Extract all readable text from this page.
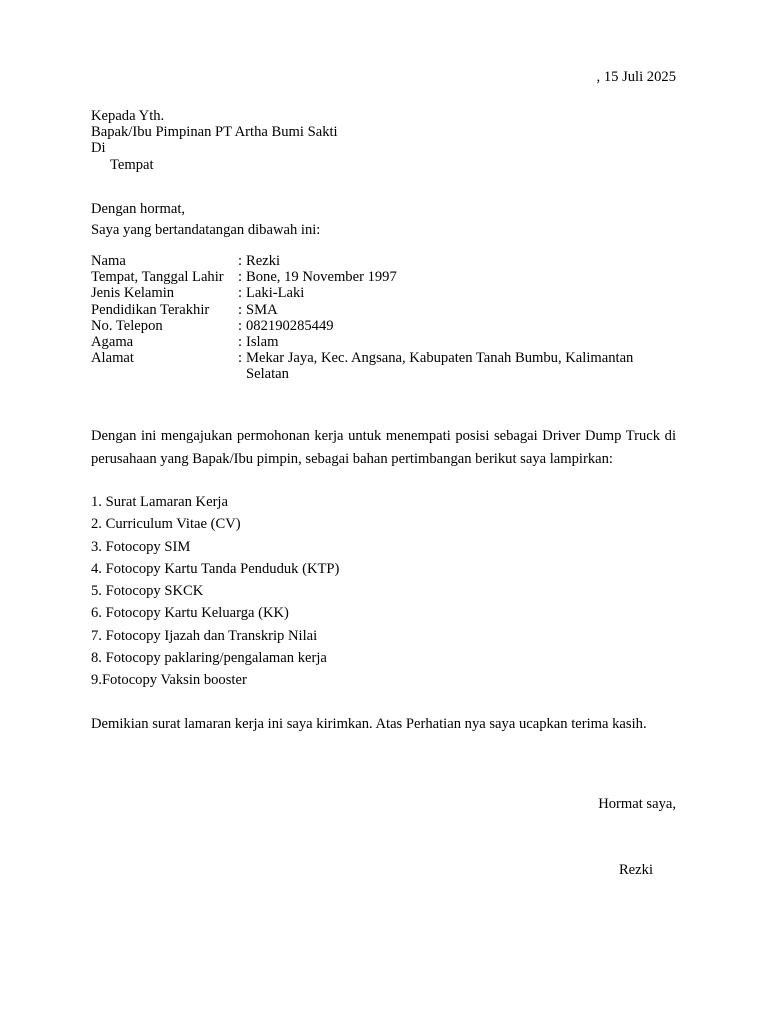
, 15 Juli 2025
Kepada Yth.
Bapak/Ibu Pimpinan PT Artha Bumi Sakti
Di
Tempat
Dengan hormat,
Saya yang bertandatangan dibawah ini:
Nama	: Rezki
Tempat, Tanggal Lahir : Bone, 19 November 1997
Jenis Kelamin	: Laki-Laki
Pendidikan Terakhir	: SMA
No. Telepon	: 082190285449
Agama	: Islam
Alamat	: Mekar Jaya, Kec. Angsana, Kabupaten Tanah Bumbu, Kalimantan Selatan
Dengan ini mengajukan permohonan kerja untuk menempati posisi sebagai Driver Dump Truck di perusahaan yang Bapak/Ibu pimpin, sebagai bahan pertimbangan berikut saya lampirkan:
1. Surat Lamaran Kerja
2. Curriculum Vitae (CV)
3. Fotocopy SIM
4. Fotocopy Kartu Tanda Penduduk (KTP)
5. Fotocopy SKCK
6. Fotocopy Kartu Keluarga (KK)
7. Fotocopy Ijazah dan Transkrip Nilai
8. Fotocopy paklaring/pengalaman kerja
9.Fotocopy Vaksin booster
Demikian surat lamaran kerja ini saya kirimkan. Atas Perhatian nya saya ucapkan terima kasih.
Hormat saya,
Rezki
